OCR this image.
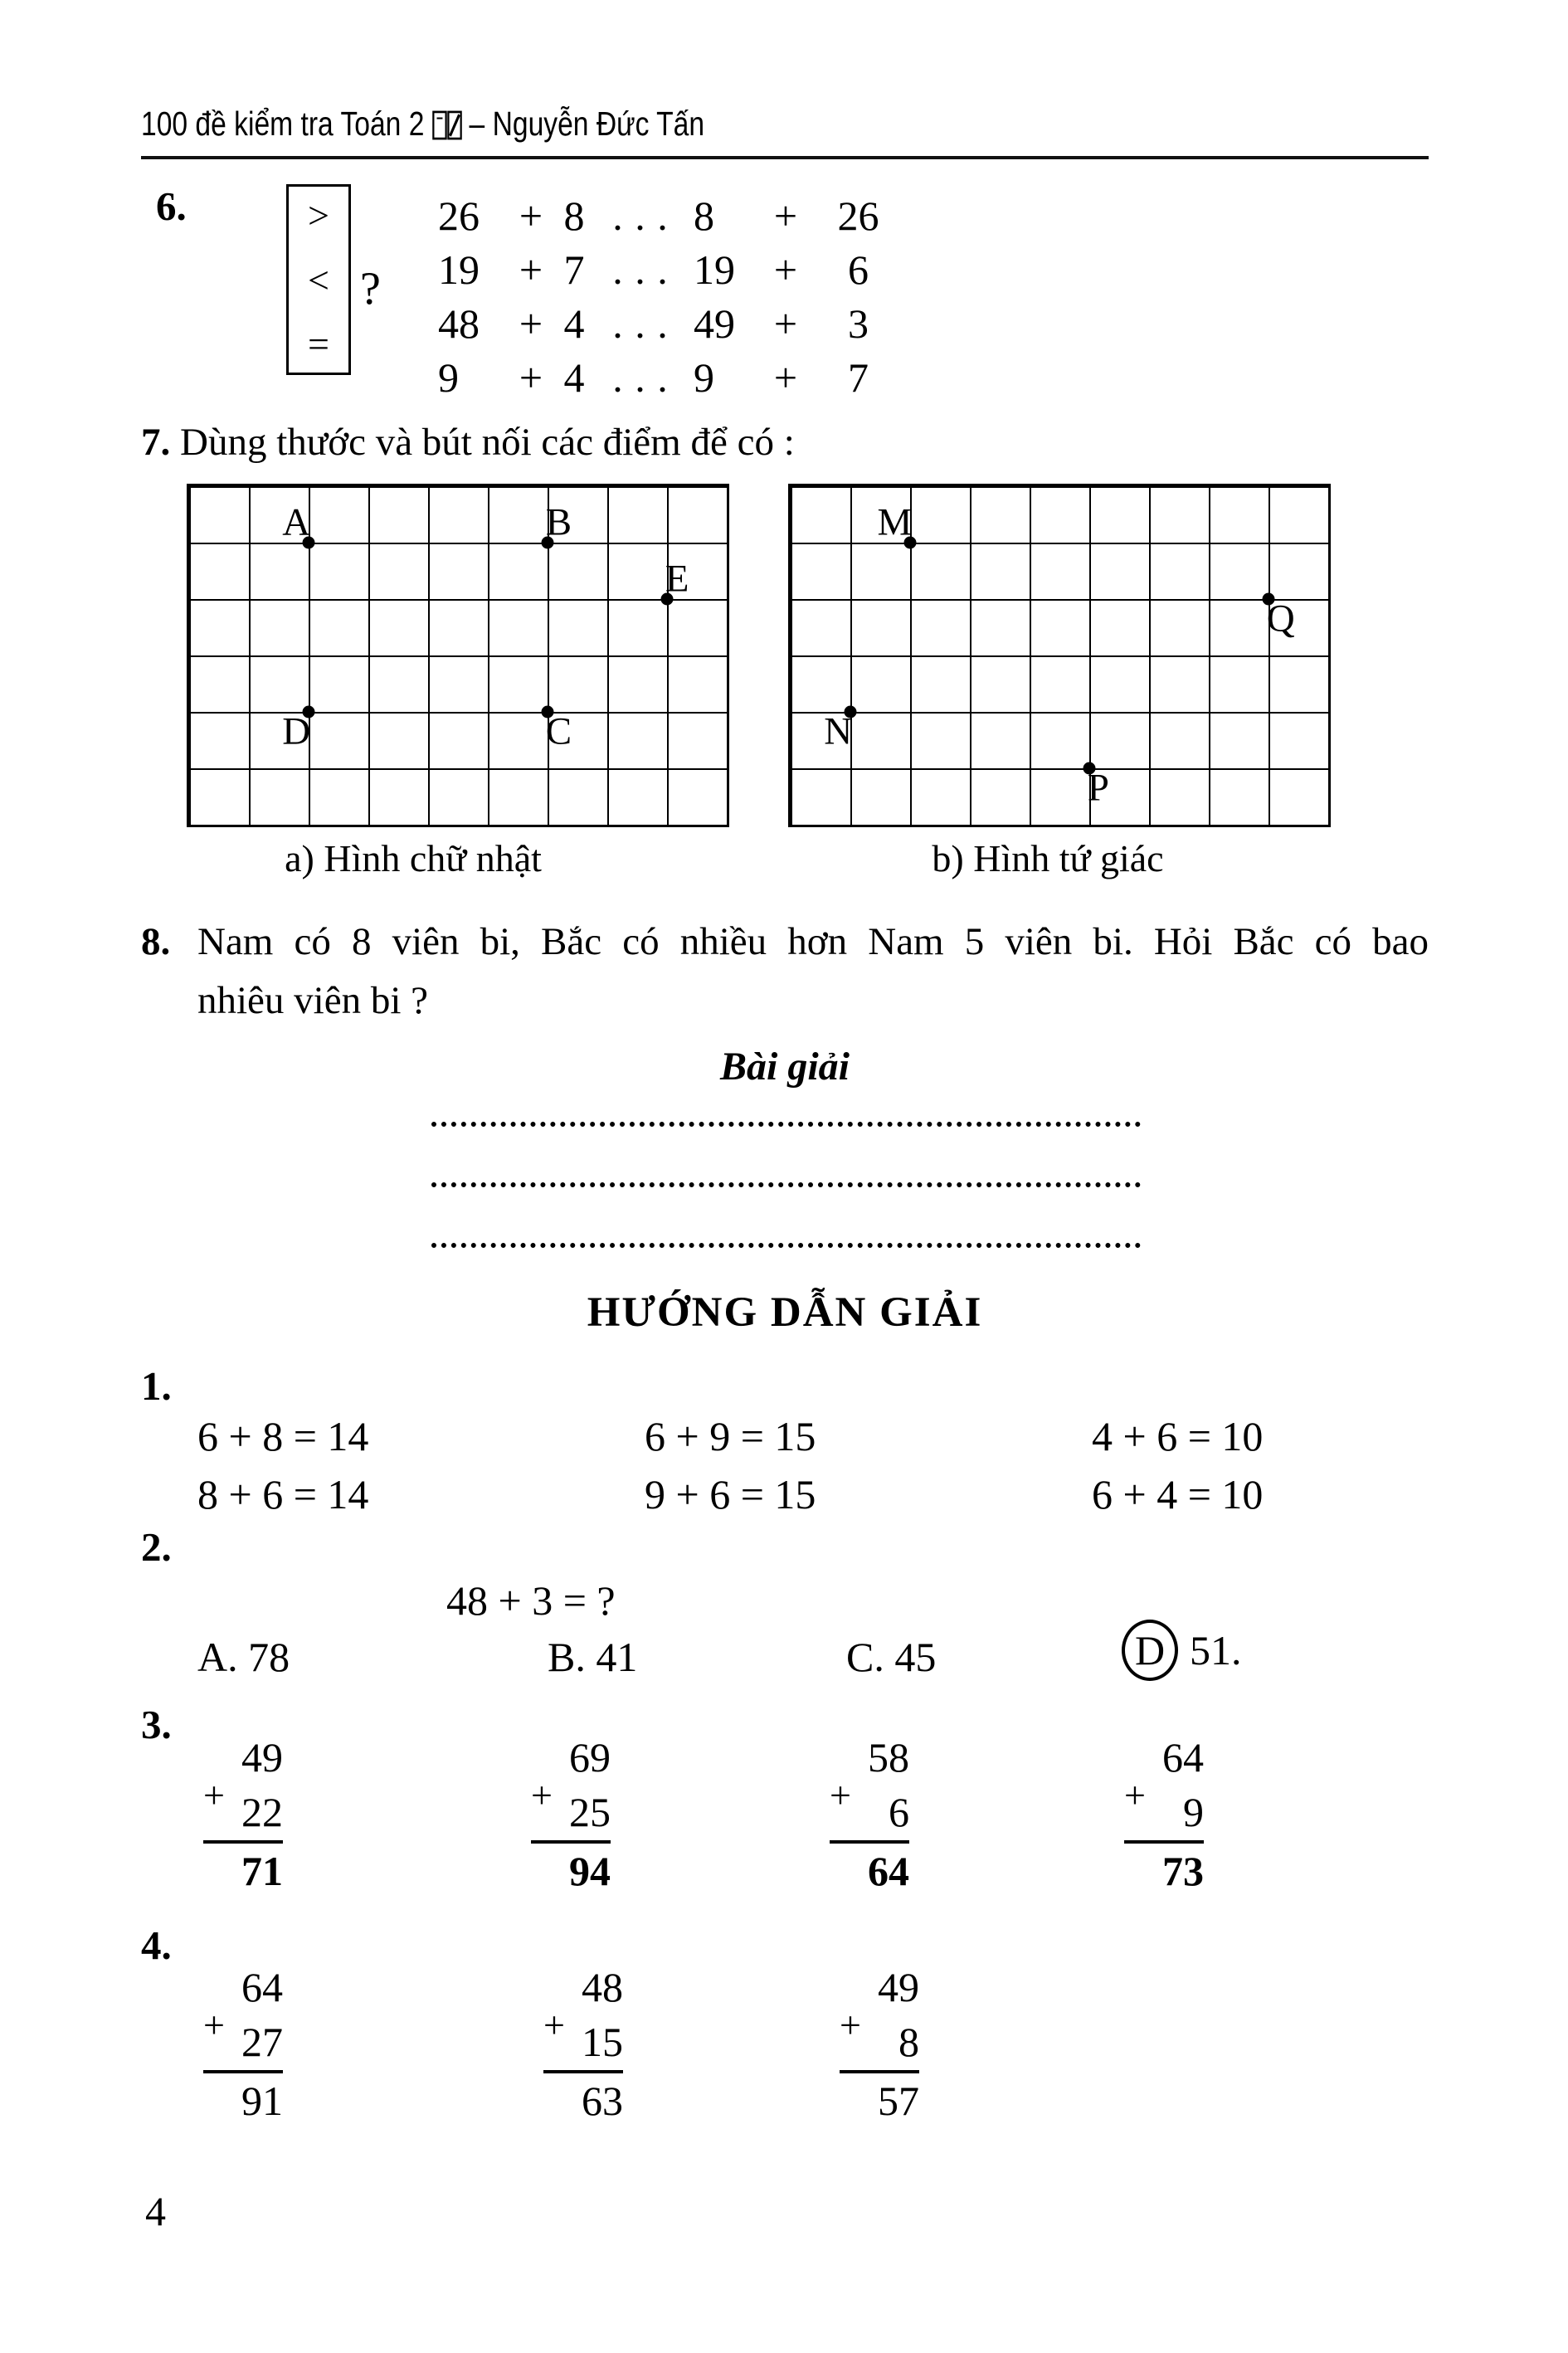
100 đề kiểm tra Toán 2 – Nguyễn Đức Tấn
6.	>
<
=
?
26 + 8 . . . 8	+ 26
19 + 7 . . . 19 +	6
48 + 4 . . . 49 +	3
9	+ 4 . . . 9	+	7
7. Dùng thước và bút nối các điểm để có :
A	B
E
D	C
M
Q
N
P
a) Hình chữ nhật	b) Hình tứ giác
8. Nam có 8 viên bi, Bắc có nhiều hơn Nam 5 viên bi. Hỏi Bắc có bao
nhiêu viên bi ?
Bài giải
HƯỚNG DẪN GIẢI
1.
6 + 8 = 14	6 + 9 = 15	4 + 6 = 10
8 + 6 = 14	9 + 6 = 15	6 + 4 = 10
2.
48 + 3 = ?
A. 78	B. 41	C. 45	D 51.
3.
49
+ 22
71
69
+ 25
94
58
+ 6
64
64
+ 9
73
4.
64
+ 27
91
48
+ 15
63
49
+ 8
57
4
